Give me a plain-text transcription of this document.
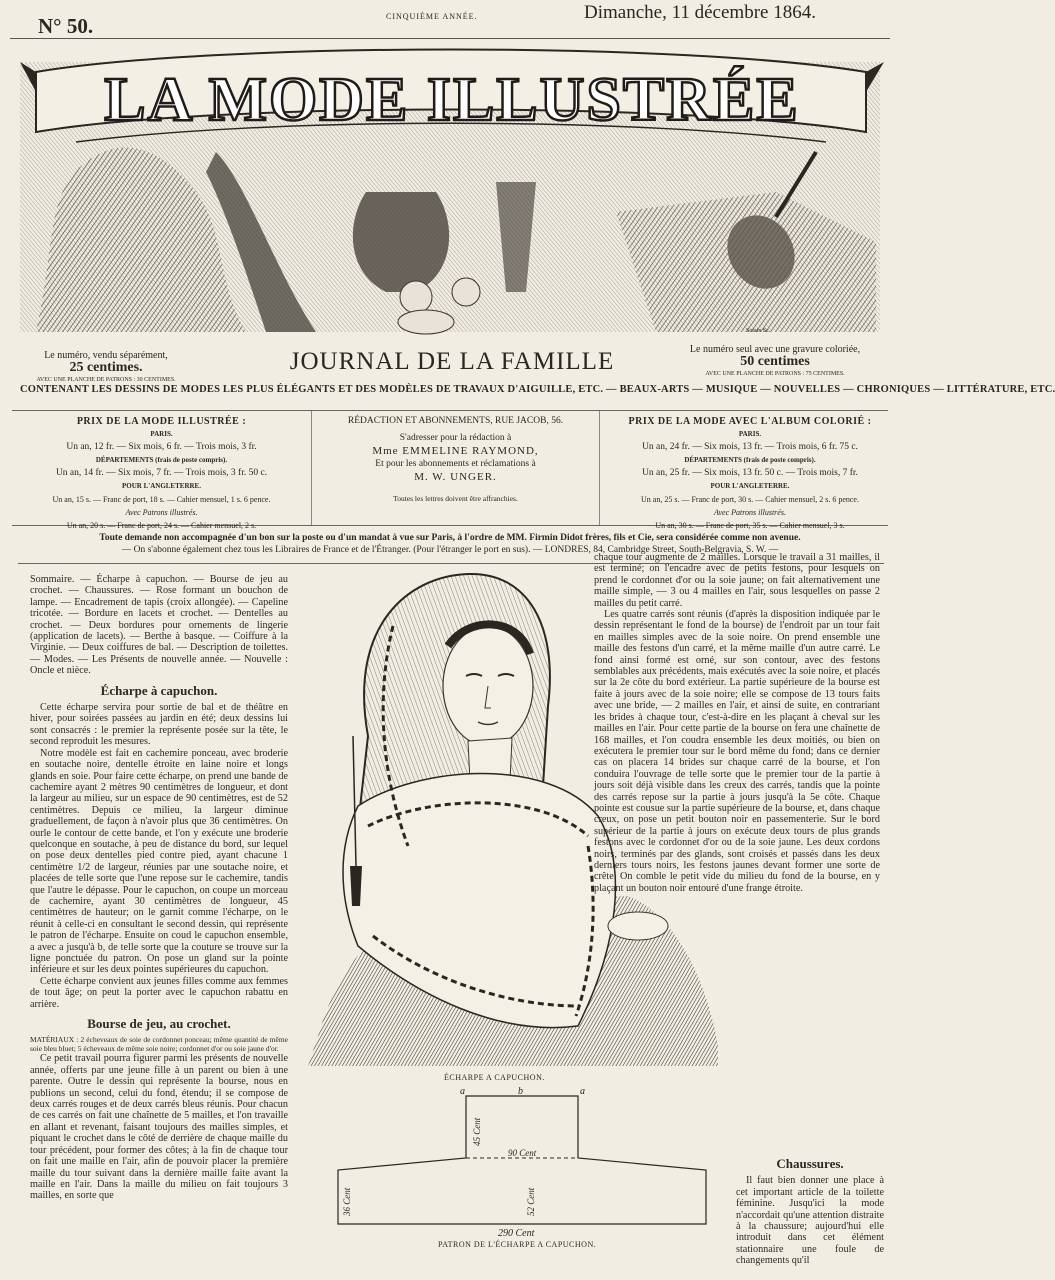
N° 50.	CINQUIÈME ANNÉE.	Dimanche, 11 décembre 1864.
LA MODE ILLUSTRÉE
Sotain Sc.
Le numéro, vendu séparément,
25 centimes.
AVEC UNE PLANCHE DE PATRONS : 30 CENTIMES.
JOURNAL DE LA FAMILLE	Le numéro seul avec une gravure coloriée,
50 centimes
AVEC UNE PLANCHE DE PATRONS : 75 CENTIMES.
CONTENANT LES DESSINS DE MODES LES PLUS ÉLÉGANTS ET DES MODÈLES DE TRAVAUX D'AIGUILLE, ETC. — BEAUX-ARTS — MUSIQUE — NOUVELLES — CHRONIQUES — LITTÉRATURE, ETC.
PRIX DE LA MODE ILLUSTRÉE :
PARIS.
Un an, 12 fr. — Six mois, 6 fr. — Trois mois, 3 fr.
DÉPARTEMENTS (frais de poste compris).
Un an, 14 fr. — Six mois, 7 fr. — Trois mois, 3 fr. 50 c.
POUR L'ANGLETERRE.
Un an, 15 s. — Franc de port, 18 s. — Cahier mensuel, 1 s. 6 pence.
Avec Patrons illustrés.
Un an, 20 s. — Franc de port, 24 s. — Cahier mensuel, 2 s.
RÉDACTION ET ABONNEMENTS, RUE JACOB, 56.
S'adresser pour la rédaction à
Mme EMMELINE RAYMOND,
Et pour les abonnements et réclamations à
M. W. UNGER.
Toutes les lettres doivent être affranchies.
PRIX DE LA MODE AVEC L'ALBUM COLORIÉ :
PARIS.
Un an, 24 fr. — Six mois, 13 fr. — Trois mois, 6 fr. 75 c.
DÉPARTEMENTS (frais de poste compris).
Un an, 25 fr. — Six mois, 13 fr. 50 c. — Trois mois, 7 fr.
POUR L'ANGLETERRE.
Un an, 25 s. — Franc de port, 30 s. — Cahier mensuel, 2 s. 6 pence.
Avec Patrons illustrés.
Un an, 30 s. — Franc de port, 35 s. — Cahier mensuel, 3 s.
Toute demande non accompagnée d'un bon sur la poste ou d'un mandat à vue sur Paris, à l'ordre de MM. Firmin Didot frères, fils et Cie, sera considérée comme non avenue.
— On s'abonne également chez tous les Libraires de France et de l'Étranger. (Pour l'étranger le port en sus). — LONDRES, 84, Cambridge Street, South-Belgravia, S. W. —

Sommaire. — Écharpe à capuchon. — Bourse de jeu au crochet. — Chaussures. — Rose formant un bouchon de lampe. — Encadrement de tapis (croix allongée). — Capeline tricotée. — Bordure en lacets et crochet. — Dentelles au crochet. — Deux bordures pour ornements de lingerie (application de lacets). — Berthe à basque. — Coiffure à la Virginie. — Deux coiffures de bal. — Description de toilettes. — Modes. — Les Présents de nouvelle année. — Nouvelle : Oncle et nièce.

Écharpe à capuchon.

Cette écharpe servira pour sortie de bal et de théâtre en hiver, pour soirées passées au jardin en été; deux dessins lui sont consacrés : le premier la représente posée sur la tête, le second reproduit les mesures.

Notre modèle est fait en cachemire ponceau, avec broderie en soutache noire, dentelle étroite en laine noire et longs glands en soie. Pour faire cette écharpe, on prend une bande de cachemire ayant 2 mètres 90 centimètres de longueur, et dont la largeur au milieu, sur un espace de 90 centimètres, est de 52 centimètres. Depuis ce milieu, la largeur diminue graduellement, de façon à n'avoir plus que 36 centimètres. On ourle le contour de cette bande, et l'on y exécute une broderie quelconque en soutache, à peu de distance du bord, sur lequel on pose deux dentelles pied contre pied, ayant chacune 1 centimètre 1/2 de largeur, réunies par une soutache noire, et placées de telle sorte que l'une repose sur le cachemire, tandis que l'autre le dépasse. Pour le capuchon, on coupe un morceau de cachemire, ayant 30 centimètres de longueur, 45 centimètres de hauteur; on le garnit comme l'écharpe, on le réunit à celle-ci en consultant le second dessin, qui représente le patron de l'écharpe. Ensuite on coud le capuchon ensemble, a avec a jusqu'à b, de telle sorte que la couture se trouve sur la ligne ponctuée du patron. On pose un gland sur la pointe inférieure et sur les deux pointes supérieures du capuchon.

Cette écharpe convient aux jeunes filles comme aux femmes de tout âge; on peut la porter avec le capuchon rabattu en arrière.

Bourse de jeu, au crochet.

MATÉRIAUX : 2 écheveaux de soie de cordonnet ponceau; même quantité de même soie bleu bluet; 5 écheveaux de même soie noire; cordonnet d'or ou soie jaune d'or.

Ce petit travail pourra figurer parmi les présents de nouvelle année, offerts par une jeune fille à un parent ou bien à une parente. Outre le dessin qui représente la bourse, nous en publions un second, celui du fond, étendu; il se compose de deux carrés rouges et de deux carrés bleus réunis. Pour chacun de ces carrés on fait une chaînette de 5 mailles, et l'on travaille en allant et revenant, faisant toujours des mailles simples, et piquant le crochet dans le côté de derrière de chaque maille du tour précédent, pour former des côtes; à la fin de chaque tour on fait une maille en l'air, afin de pouvoir placer la première maille du tour suivant dans la dernière maille faite avant la maille en l'air. Dans la maille du milieu on fait toujours 3 mailles, en sorte que

ÉCHARPE A CAPUCHON.
a	b	a
45 Cent
90 Cent
36 Cent	52 Cent
290 Cent
PATRON DE L'ÉCHARPE A CAPUCHON.

chaque tour augmente de 2 mailles. Lorsque le travail a 31 mailles, il est terminé; on l'encadre avec de petits festons, pour lesquels on prend le cordonnet d'or ou la soie jaune; on fait alternativement une maille simple, — 3 ou 4 mailles en l'air, sous lesquelles on passe 2 mailles du petit carré.

Les quatre carrés sont réunis (d'après la disposition indiquée par le dessin représentant le fond de la bourse) de l'endroit par un tour fait en mailles simples avec de la soie noire. On prend ensemble une maille des festons d'un carré, et la même maille d'un autre carré. Le fond ainsi formé est orné, sur son contour, avec des festons semblables aux précédents, mais exécutés avec la soie noire, et placés sur la 2e côte du bord extérieur. La partie supérieure de la bourse est faite à jours avec de la soie noire; elle se compose de 13 tours faits avec une bride, — 2 mailles en l'air, et ainsi de suite, en contrariant les brides à chaque tour, c'est-à-dire en les plaçant à cheval sur les mailles en l'air. Pour cette partie de la bourse on fera une chaînette de 168 mailles, et l'on coudra ensemble les deux moitiés, ou bien on exécutera le premier tour sur le bord même du fond; dans ce dernier cas on placera 14 brides sur chaque carré de la bourse, et l'on conduira l'ouvrage de telle sorte que le premier tour de la partie à jours soit déjà visible dans les creux des carrés, tandis que la pointe des carrés repose sur la partie à jours jusqu'à la 5e côte. Chaque pointe est cousue sur la partie supérieure de la bourse, et, dans chaque creux, on pose un petit bouton noir en passementerie. Sur le bord supérieur de la partie à jours on exécute deux tours de plus grands festons avec le cordonnet d'or ou de la soie jaune. Les deux cordons noirs, terminés par des glands, sont croisés et passés dans les deux derniers tours noirs, les festons jaunes devant former une sorte de crête. On comble le petit vide du milieu du fond de la bourse, en y plaçant un bouton noir entouré d'une frange étroite.

Chaussures.

Il faut bien donner une place à cet important article de la toilette féminine. Jusqu'ici la mode n'accordait qu'une attention distraite à la chaussure; aujourd'hui elle introduit dans cet élément stationnaire une foule de changements qu'il
